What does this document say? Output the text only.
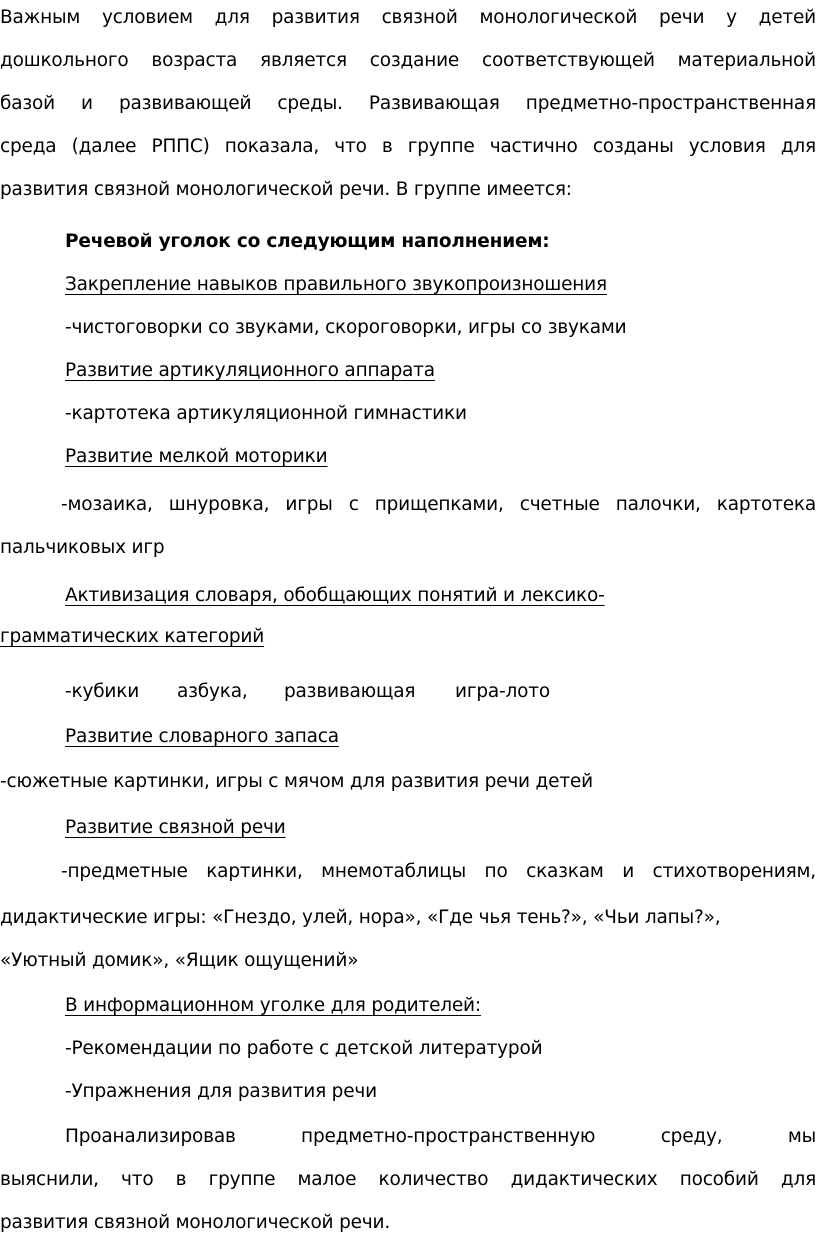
Важным условием для развития связной монологической речи у детей
дошкольного возраста является создание соответствующей материальной
базой и развивающей среды. Развивающая предметно-пространственная
среда (далее РППС) показала, что в группе частично созданы условия для
развития связной монологической речи. В группе имеется:
Речевой уголок со следующим наполнением:
Закрепление навыков правильного звукопроизношения
-чистоговорки со звуками, скороговорки, игры со звуками
Развитие артикуляционного аппарата
-картотека артикуляционной гимнастики
Развитие мелкой моторики
-мозаика, шнуровка, игры с прищепками, счетные палочки, картотека
пальчиковых игр
Активизация словаря, обобщающих понятий и лексико-
грамматических категорий
-кубики азбука, развивающая игра-лото
Развитие словарного запаса
-сюжетные картинки, игры с мячом для развития речи детей
Развитие связной речи
-предметные картинки, мнемотаблицы по сказкам и стихотворениям,
дидактические игры: «Гнездо, улей, нора», «Где чья тень?», «Чьи лапы?»,
«Уютный домик», «Ящик ощущений»
В информационном уголке для родителей:
-Рекомендации по работе с детской литературой
-Упражнения для развития речи
Проанализировав предметно-пространственную среду, мы
выяснили, что в группе малое количество дидактических пособий для
развития связной монологической речи.
